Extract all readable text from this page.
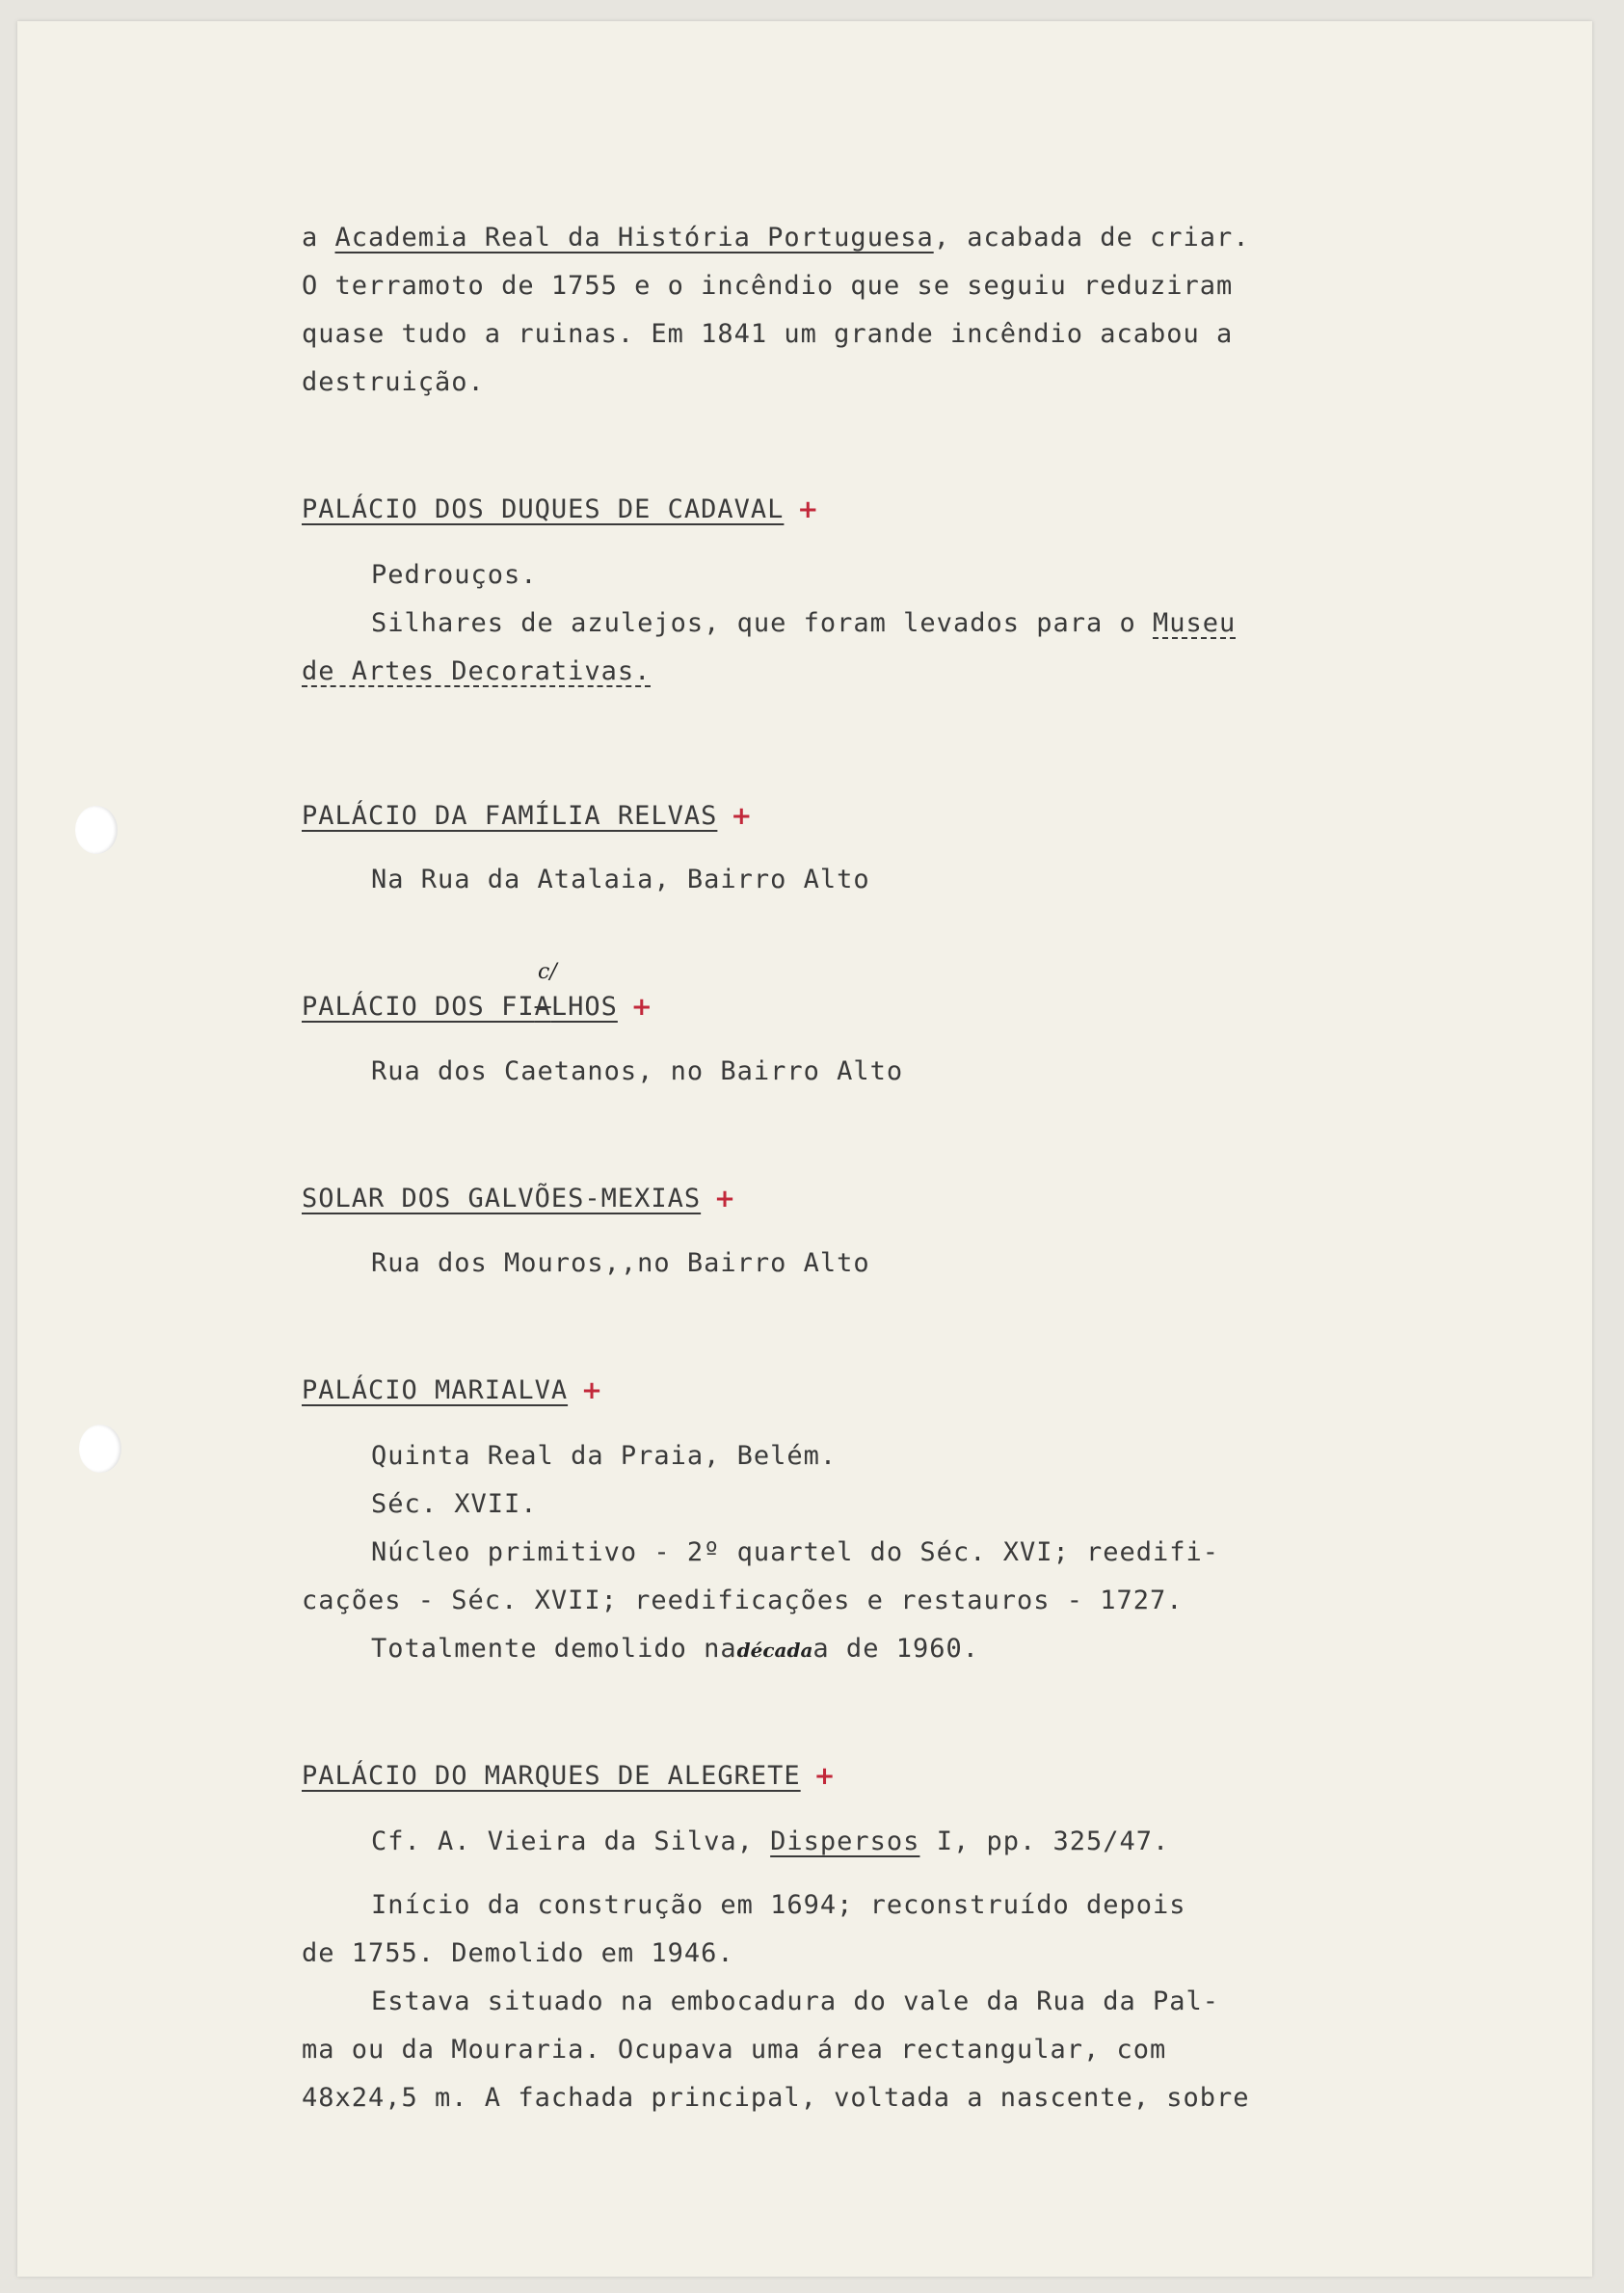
a Academia Real da História Portuguesa, acabada de criar.

O terramoto de 1755 e o incêndio que se seguiu reduziram

quase tudo a ruinas. Em 1841 um grande incêndio acabou a

destruição.

PALÁCIO DOS DUQUES DE CADAVAL +

Pedrouços.

Silhares de azulejos, que foram levados para o Museu

de Artes Decorativas.

PALÁCIO DA FAMÍLIA RELVAS +

Na Rua da Atalaia, Bairro Alto

c/

PALÁCIO DOS FIALHOS +

Rua dos Caetanos, no Bairro Alto

SOLAR DOS GALVÕES-MEXIAS +

Rua dos Mouros,,no Bairro Alto

PALÁCIO MARIALVA +

Quinta Real da Praia, Belém.

Séc. XVII.

Núcleo primitivo - 2º quartel do Séc. XVI; reedifi-

cações - Séc. XVII; reedificações e restauros - 1727.

Totalmente demolido nadécadaa de 1960.

PALÁCIO DO MARQUES DE ALEGRETE +

Cf. A. Vieira da Silva, Dispersos I, pp. 325/47.

Início da construção em 1694; reconstruído depois

de 1755. Demolido em 1946.

Estava situado na embocadura do vale da Rua da Pal-

ma ou da Mouraria. Ocupava uma área rectangular, com

48x24,5 m. A fachada principal, voltada a nascente, sobre
